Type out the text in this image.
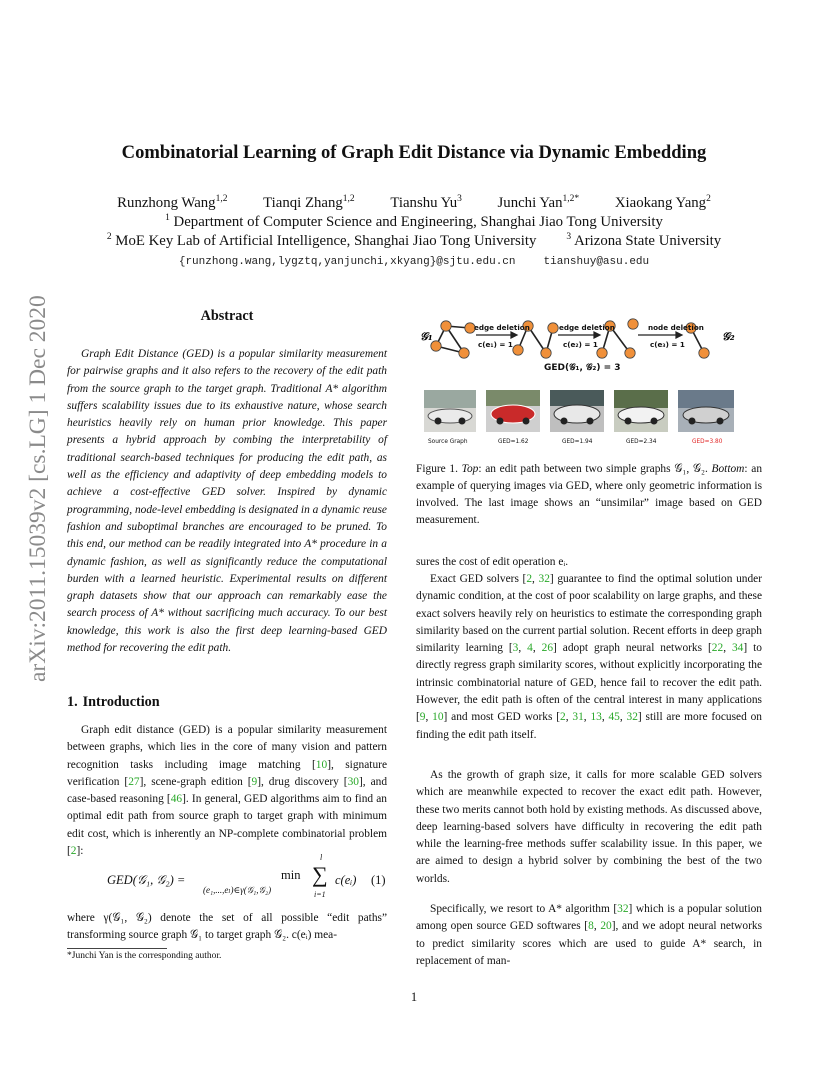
arXiv:2011.15039v2 [cs.LG] 1 Dec 2020
Combinatorial Learning of Graph Edit Distance via Dynamic Embedding
Runzhong Wang$^{1,2}$ Tianqi Zhang$^{1,2}$ Tianshu Yu$^3$ Junchi Yan$^{1,2*}$ Xiaokang Yang$^2$
$^1$ Department of Computer Science and Engineering, Shanghai Jiao Tong University
$^2$ MoE Key Lab of Artificial Intelligence, Shanghai Jiao Tong University	$^3$ Arizona State University
{runzhong.wang,lygztq,yanjunchi,xkyang}@sjtu.edu.cn	tianshuy@asu.edu
Abstract
Graph Edit Distance (GED) is a popular similarity measurement for pairwise graphs and it also refers to the recovery of the edit path from the source graph to the target graph. Traditional A* algorithm suffers scalability issues due to its exhaustive nature, whose search heuristics heavily rely on human prior knowledge. This paper presents a hybrid approach by combing the interpretability of traditional search-based techniques for producing the edit path, as well as the efficiency and adaptivity of deep embedding models to achieve a cost-effective GED solver. Inspired by dynamic programming, node-level embedding is designated in a dynamic reuse fashion and suboptimal branches are encouraged to be pruned. To this end, our method can be readily integrated into A* procedure in a dynamic fashion, as well as significantly reduce the computational burden with a learned heuristic. Experimental results on different graph datasets show that our approach can remarkably ease the search process of A* without sacrificing much accuracy. To our best knowledge, this work is also the first deep learning-based GED method for recovering the edit path.
1. Introduction
Graph edit distance (GED) is a popular similarity measurement between graphs, which lies in the core of many vision and pattern recognition tasks including image matching [10], signature verification [27], scene-graph edition [9], drug discovery [30], and case-based reasoning [46]. In general, GED algorithms aim to find an optimal edit path from source graph to target graph with minimum edit cost, which is inherently an NP-complete combinatorial problem [2]:
GED(𝒢₁, 𝒢₂) =	min
(e₁,...,eₗ)∈γ(𝒢₁,𝒢₂)
∑
l
i=1
c(eᵢ) (1)
where γ(𝒢₁, 𝒢₂) denote the set of all possible “edit paths” transforming source graph 𝒢₁ to target graph 𝒢₂. c(eᵢ) mea-
*Junchi Yan is the corresponding author.
𝒢₁	𝒢₂
edge deletion
c(e₁) = 1
edge deletion
c(e₂) = 1
node deletion
c(e₃) = 1
GED(𝒢₁, 𝒢₂) = 3
Source Graph	GED=1.62	GED=1.94	GED=2.34	GED=3.80
Figure 1. Top: an edit path between two simple graphs 𝒢₁, 𝒢₂. Bottom: an example of querying images via GED, where only geometric information is involved. The last image shows an “unsimilar” image based on GED measurement.
sures the cost of edit operation eᵢ.
Exact GED solvers [2, 32] guarantee to find the optimal solution under dynamic condition, at the cost of poor scalability on large graphs, and these exact solvers heavily rely on heuristics to estimate the corresponding graph similarity based on the current partial solution. Recent efforts in deep graph similarity learning [3, 4, 26] adopt graph neural networks [22, 34] to directly regress graph similarity scores, without explicitly incorporating the intrinsic combinatorial nature of GED, hence fail to recover the edit path. However, the edit path is often of the central interest in many applications [9, 10] and most GED works [2, 31, 13, 45, 32] still are more focused on finding the edit path itself.
As the growth of graph size, it calls for more scalable GED solvers which are meanwhile expected to recover the exact edit path. However, these two merits cannot both hold by existing methods. As discussed above, deep learning-based solvers have difficulty in recovering the edit path while the learning-free methods suffer scalability issue. In this paper, we are aimed to design a hybrid solver by combining the best of the two worlds.
Specifically, we resort to A* algorithm [32] which is a popular solution among open source GED softwares [8, 20], and we adopt neural networks to predict similarity scores which are used to guide A* search, in replacement of man-
1
